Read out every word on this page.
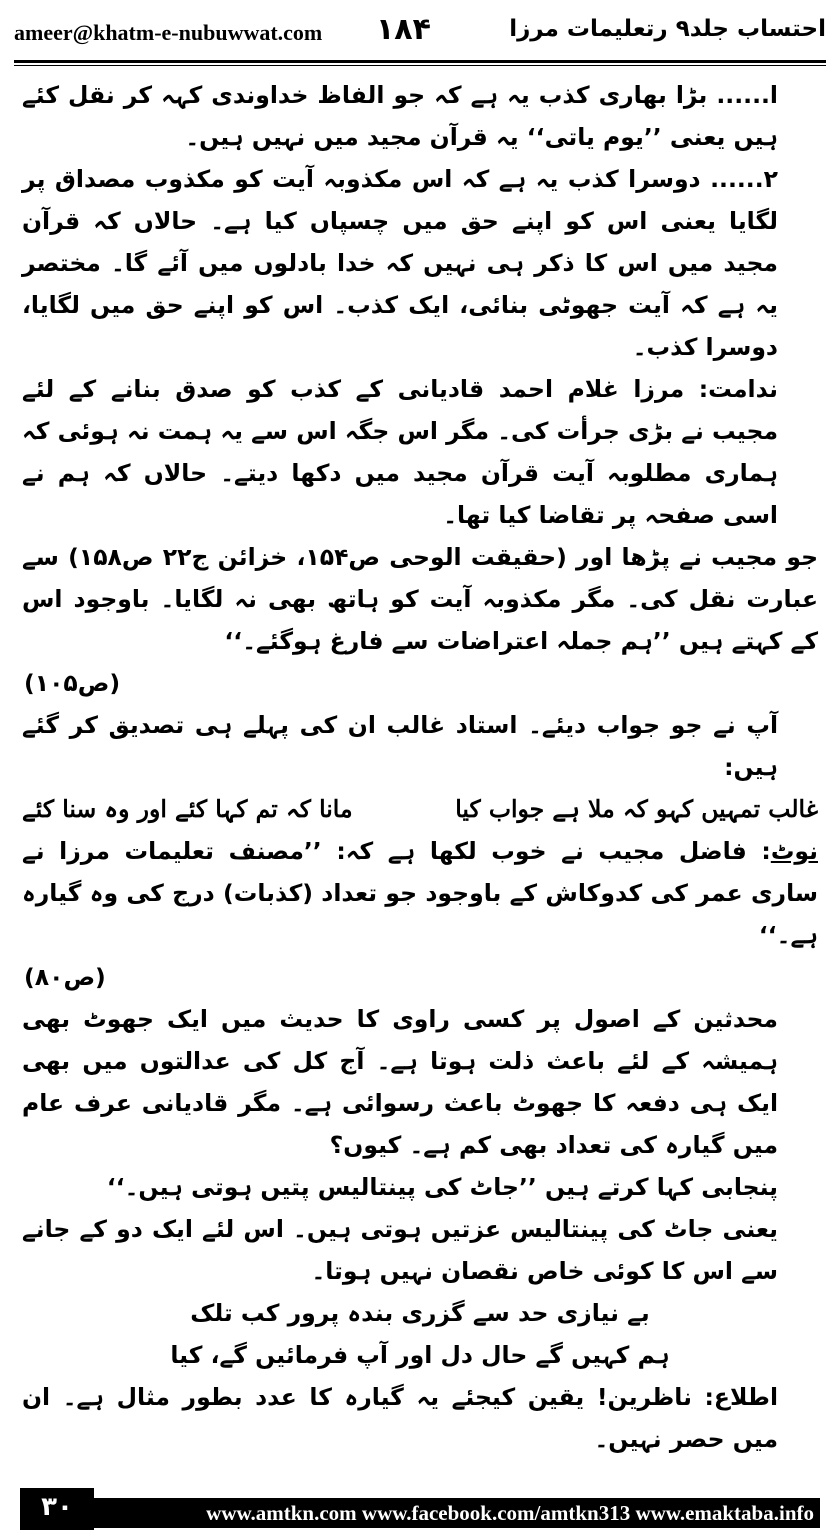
ameer@khatm-e-nubuwwat.com ۱۸۴	احتساب جلد۹ رتعلیمات مرزا

ا...... بڑا بھاری کذب یہ ہے کہ جو الفاظ خداوندی کہہ کر نقل کئے ہیں یعنی ’’یوم یاتی‘‘ یہ قرآن مجید میں نہیں ہیں۔

۲...... دوسرا کذب یہ ہے کہ اس مکذوبہ آیت کو مکذوب مصداق پر لگایا یعنی اس کو اپنے حق میں چسپاں کیا ہے۔ حالاں کہ قرآن مجید میں اس کا ذکر ہی نہیں کہ خدا بادلوں میں آئے گا۔ مختصر یہ ہے کہ آیت جھوٹی بنائی، ایک کذب۔ اس کو اپنے حق میں لگایا، دوسرا کذب۔

ندامت: مرزا غلام احمد قادیانی کے کذب کو صدق بنانے کے لئے مجیب نے بڑی جرأت کی۔ مگر اس جگہ اس سے یہ ہمت نہ ہوئی کہ ہماری مطلوبہ آیت قرآن مجید میں دکھا دیتے۔ حالاں کہ ہم نے اسی صفحہ پر تقاضا کیا تھا۔

جو مجیب نے پڑھا اور (حقیقت الوحی ص۱۵۴، خزائن ج۲۲ ص۱۵۸) سے عبارت نقل کی۔ مگر مکذوبہ آیت کو ہاتھ بھی نہ لگایا۔ باوجود اس کے کہتے ہیں ’’ہم جملہ اعتراضات سے فارغ ہوگئے۔‘‘
(ص۱۰۵)

آپ نے جو جواب دیئے۔ استاد غالب ان کی پہلے ہی تصدیق کر گئے ہیں:

غالب تمہیں کہو کہ ملا ہے جواب کیا
مانا کہ تم کہا کئے اور وہ سنا کئے

نوٹ: فاضل مجیب نے خوب لکھا ہے کہ: ’’مصنف تعلیمات مرزا نے ساری عمر کی کدوکاش کے باوجود جو تعداد (کذبات) درج کی وہ گیارہ ہے۔‘‘
(ص۸۰)

محدثین کے اصول پر کسی راوی کا حدیث میں ایک جھوٹ بھی ہمیشہ کے لئے باعث ذلت ہوتا ہے۔ آج کل کی عدالتوں میں بھی ایک ہی دفعہ کا جھوٹ باعث رسوائی ہے۔ مگر قادیانی عرف عام میں گیارہ کی تعداد بھی کم ہے۔ کیوں؟

پنجابی کہا کرتے ہیں ’’جاٹ کی پینتالیس پتیں ہوتی ہیں۔‘‘

یعنی جاٹ کی پینتالیس عزتیں ہوتی ہیں۔ اس لئے ایک دو کے جانے سے اس کا کوئی خاص نقصان نہیں ہوتا۔

بے نیازی حد سے گزری بندہ پرور کب تلک
ہم کہیں گے حال دل اور آپ فرمائیں گے، کیا

اطلاع: ناظرین! یقین کیجئے یہ گیارہ کا عدد بطور مثال ہے۔ ان میں حصر نہیں۔

۳۰	www.amtkn.com www.facebook.com/amtkn313 www.emaktaba.info
